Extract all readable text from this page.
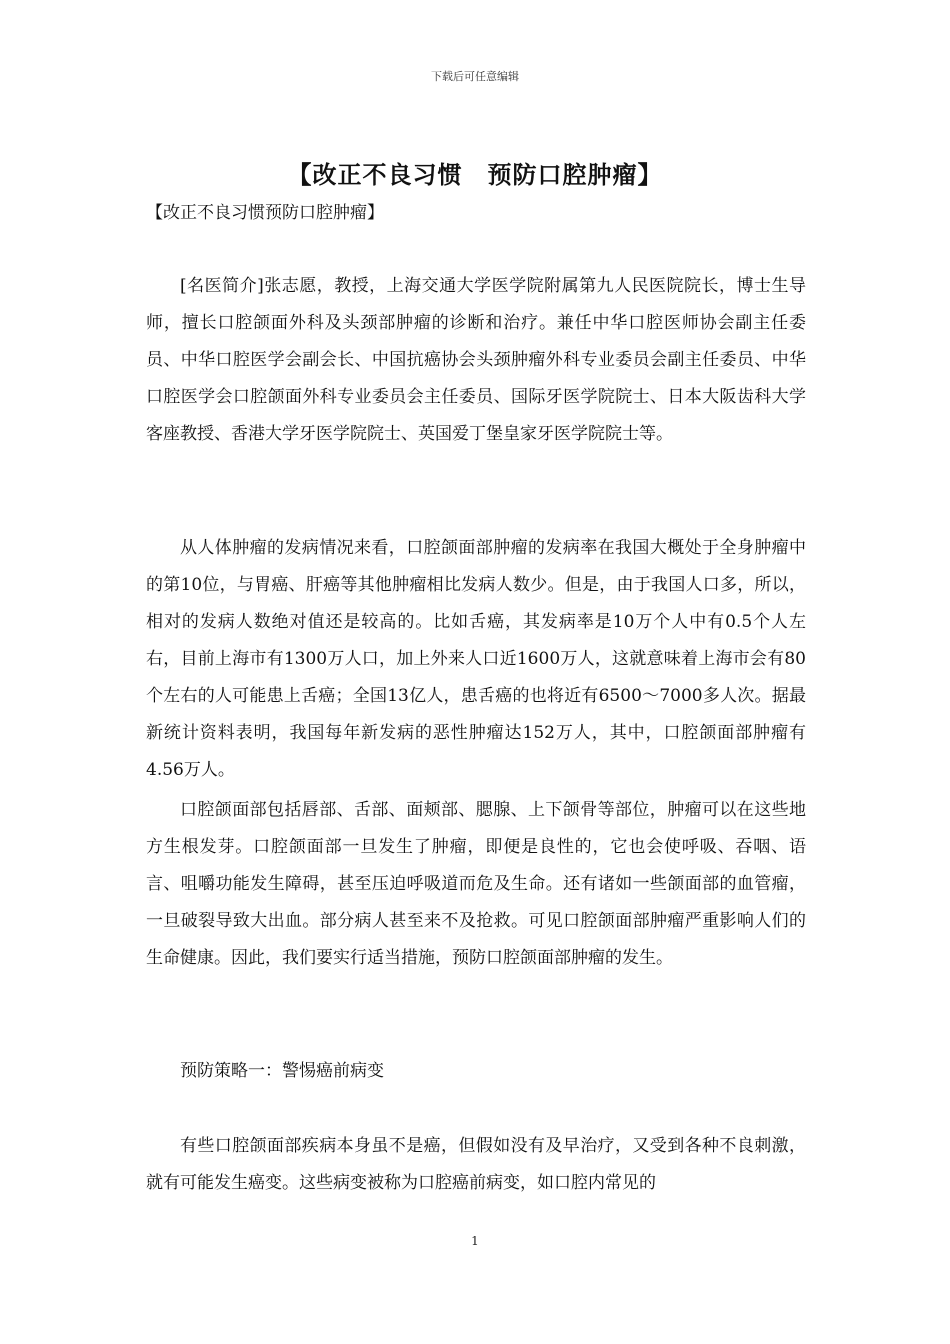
下载后可任意编辑
【改正不良习惯　预防口腔肿瘤】
【改正不良习惯预防口腔肿瘤】

[名医简介]张志愿，教授，上海交通大学医学院附属第九人民医院院长，博士生导师，擅长口腔颌面外科及头颈部肿瘤的诊断和治疗。兼任中华口腔医师协会副主任委员、中华口腔医学会副会长、中国抗癌协会头颈肿瘤外科专业委员会副主任委员、中华口腔医学会口腔颌面外科专业委员会主任委员、国际牙医学院院士、日本大阪齿科大学客座教授、香港大学牙医学院院士、英国爱丁堡皇家牙医学院院士等。

从人体肿瘤的发病情况来看，口腔颌面部肿瘤的发病率在我国大概处于全身肿瘤中的第10位，与胃癌、肝癌等其他肿瘤相比发病人数少。但是，由于我国人口多，所以，相对的发病人数绝对值还是较高的。比如舌癌，其发病率是10万个人中有0.5个人左右，目前上海市有1300万人口，加上外来人口近1600万人，这就意味着上海市会有80个左右的人可能患上舌癌；全国13亿人，患舌癌的也将近有6500～7000多人次。据最新统计资料表明，我国每年新发病的恶性肿瘤达152万人，其中，口腔颌面部肿瘤有4.56万人。

口腔颌面部包括唇部、舌部、面颊部、腮腺、上下颌骨等部位，肿瘤可以在这些地方生根发芽。口腔颌面部一旦发生了肿瘤，即便是良性的，它也会使呼吸、吞咽、语言、咀嚼功能发生障碍，甚至压迫呼吸道而危及生命。还有诸如一些颌面部的血管瘤，一旦破裂导致大出血。部分病人甚至来不及抢救。可见口腔颌面部肿瘤严重影响人们的生命健康。因此，我们要实行适当措施，预防口腔颌面部肿瘤的发生。

预防策略一：警惕癌前病变

有些口腔颌面部疾病本身虽不是癌，但假如没有及早治疗，又受到各种不良刺激，就有可能发生癌变。这些病变被称为口腔癌前病变，如口腔内常见的

1
